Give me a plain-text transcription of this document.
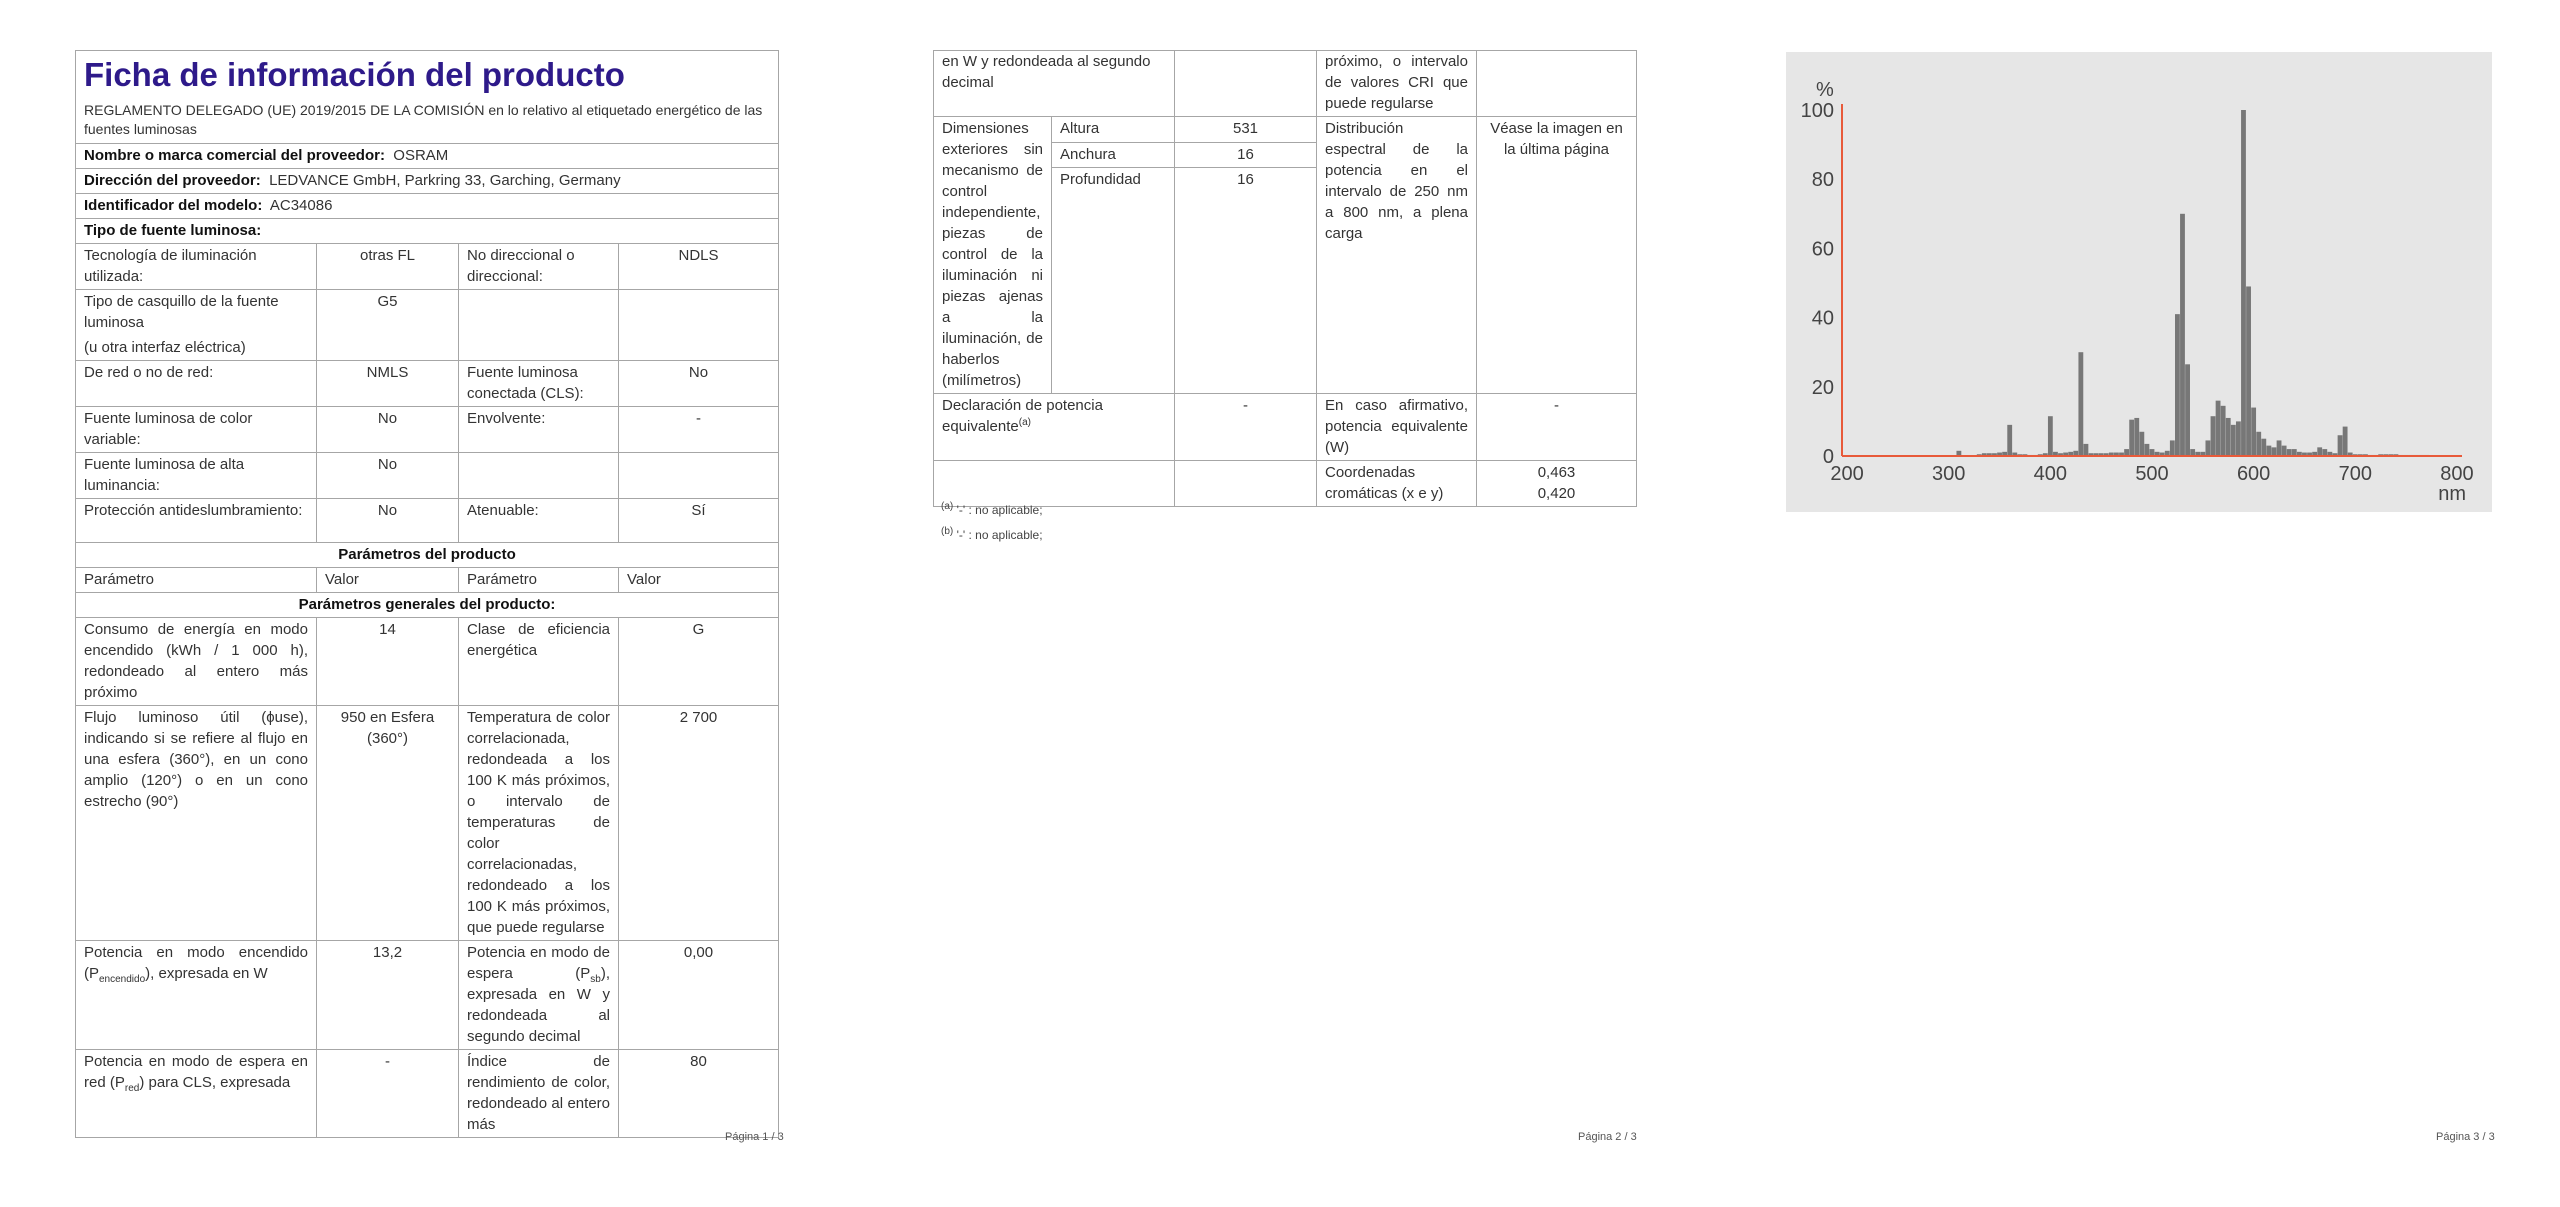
Ficha de información del producto
REGLAMENTO DELEGADO (UE) 2019/2015 DE LA COMISIÓN en lo relativo al etiquetado energético de las fuentes luminosas			

Nombre o marca comercial del proveedor: OSRAM			
Dirección del proveedor: LEDVANCE GmbH, Parkring 33, Garching, Germany			
Identificador del modelo: AC34086			
Tipo de fuente luminosa:			
Tecnología de iluminación utilizada:	otras FL	No direccional o direccional:	NDLS

Tipo de casquillo de la fuente luminosa
(u otra interfaz eléctrica)	G5		
De red o no de red:	NMLS	Fuente luminosa conectada (CLS):	No
Fuente luminosa de color variable:	No	Envolvente:	-
Fuente luminosa de alta luminancia:	No		
Protección antideslumbramiento:	No	Atenuable:	Sí
Parámetros del producto			
Parámetro	Valor	Parámetro	Valor
Parámetros generales del producto:			
Consumo de energía en modo encendido (kWh / 1 000 h), redondeado al entero más próximo	14	Clase de eficiencia energética	G
Flujo luminoso útil (ϕuse), indicando si se refiere al flujo en una esfera (360°), en un cono amplio (120°) o en un cono estrecho (90°)	950 en Esfera (360°)	Temperatura de color correlacionada, redondeada a los 100 K más próximos, o intervalo de temperaturas de color correlacionadas, redondeado a los 100 K más próximos, que puede regularse	2 700
Potencia en modo encendido $(P_{encendido})$, expresada en W	13,2	Potencia en modo de espera $(P_{sb})$, expresada en W y redondeada al segundo decimal	0,00
Potencia en modo de espera en red $(P_{red})$ para CLS, expresada	-	Índice de rendimiento de color, redondeado al entero más	80
Página 1 / 3
en W y redondeada al segundo decimal			próximo, o intervalo de valores CRI que puede regularse	
Dimensiones exteriores sin mecanismo de control independiente, piezas de control de la iluminación ni piezas ajenas a la iluminación, de haberlos (milímetros)	Altura	531	Distribución espectral de la potencia en el intervalo de 250 nm a 800 nm, a plena carga	Véase la imagen en la última página
	Anchura	16		
	Profundidad	16		
Declaración de potencia equivalente$^{(a)}$		-	En caso afirmativo, potencia equivalente (W)	-
			Coordenadas cromáticas (x e y)	0,463
0,420
$^{(a)}$ '-' : no aplicable;
$^{(b)}$ '-' : no aplicable;
Página 2 / 3
200	300	400	500	600	700	800
0
20
40
60
80
100
%
nm
Página 3 / 3
